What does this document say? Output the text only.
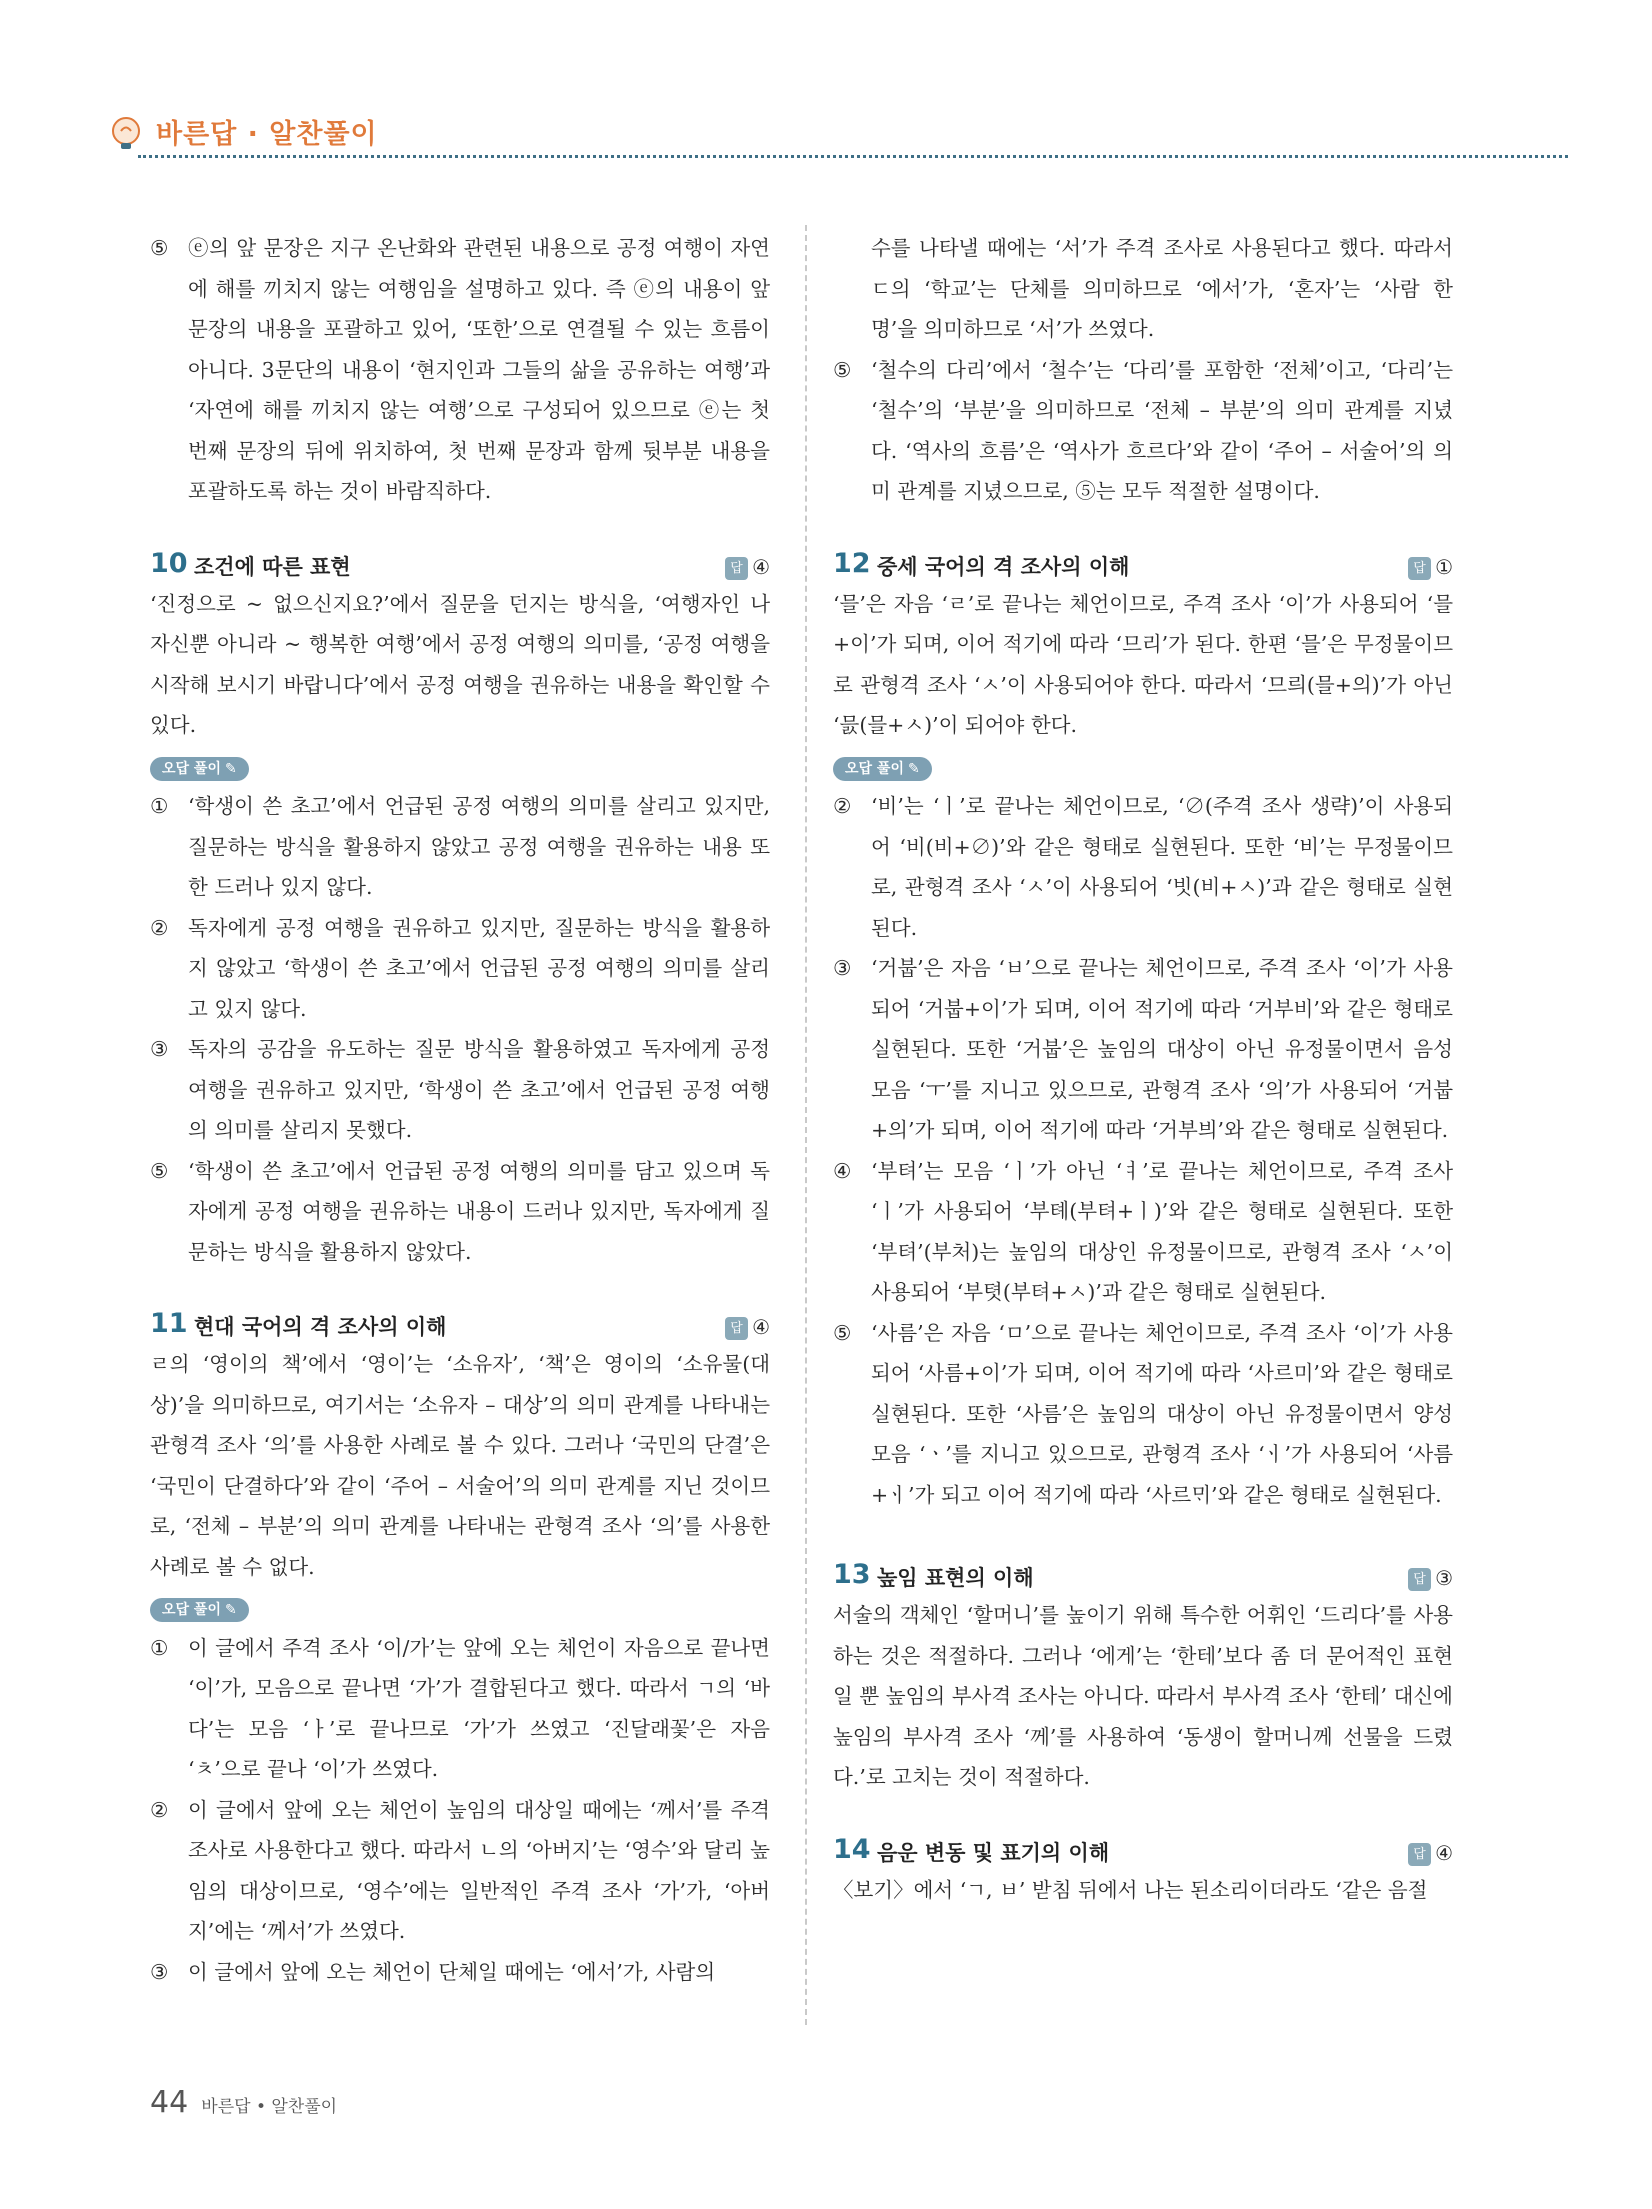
바른답 · 알찬풀이
⑤ ⓔ의 앞 문장은 지구 온난화와 관련된 내용으로 공정 여행이 자연에 해를 끼치지 않는 여행임을 설명하고 있다. 즉 ⓔ의 내용이 앞 문장의 내용을 포괄하고 있어, ‘또한’으로 연결될 수 있는 흐름이 아니다. 3문단의 내용이 ‘현지인과 그들의 삶을 공유하는 여행’과 ‘자연에 해를 끼치지 않는 여행’으로 구성되어 있으므로 ⓔ는 첫 번째 문장의 뒤에 위치하여, 첫 번째 문장과 함께 뒷부분 내용을 포괄하도록 하는 것이 바람직하다.
10 조건에 따른 표현	답 ④
‘진정으로 ~ 없으신지요?’에서 질문을 던지는 방식을, ‘여행자인 나 자신뿐 아니라 ~ 행복한 여행’에서 공정 여행의 의미를, ‘공정 여행을 시작해 보시기 바랍니다’에서 공정 여행을 권유하는 내용을 확인할 수 있다.
오답 풀이 ✎
① ‘학생이 쓴 초고’에서 언급된 공정 여행의 의미를 살리고 있지만, 질문하는 방식을 활용하지 않았고 공정 여행을 권유하는 내용 또한 드러나 있지 않다.
② 독자에게 공정 여행을 권유하고 있지만, 질문하는 방식을 활용하지 않았고 ‘학생이 쓴 초고’에서 언급된 공정 여행의 의미를 살리고 있지 않다.
③ 독자의 공감을 유도하는 질문 방식을 활용하였고 독자에게 공정 여행을 권유하고 있지만, ‘학생이 쓴 초고’에서 언급된 공정 여행의 의미를 살리지 못했다.
⑤ ‘학생이 쓴 초고’에서 언급된 공정 여행의 의미를 담고 있으며 독자에게 공정 여행을 권유하는 내용이 드러나 있지만, 독자에게 질문하는 방식을 활용하지 않았다.
11 현대 국어의 격 조사의 이해	답 ④
ㄹ의 ‘영이의 책’에서 ‘영이’는 ‘소유자’, ‘책’은 영이의 ‘소유물(대상)’을 의미하므로, 여기서는 ‘소유자 – 대상’의 의미 관계를 나타내는 관형격 조사 ‘의’를 사용한 사례로 볼 수 있다. 그러나 ‘국민의 단결’은 ‘국민이 단결하다’와 같이 ‘주어 – 서술어’의 의미 관계를 지닌 것이므로, ‘전체 – 부분’의 의미 관계를 나타내는 관형격 조사 ‘의’를 사용한 사례로 볼 수 없다.
오답 풀이 ✎
① 이 글에서 주격 조사 ‘이/가’는 앞에 오는 체언이 자음으로 끝나면 ‘이’가, 모음으로 끝나면 ‘가’가 결합된다고 했다. 따라서 ㄱ의 ‘바다’는 모음 ‘ㅏ’로 끝나므로 ‘가’가 쓰였고 ‘진달래꽃’은 자음 ‘ㅊ’으로 끝나 ‘이’가 쓰였다.
② 이 글에서 앞에 오는 체언이 높임의 대상일 때에는 ‘께서’를 주격 조사로 사용한다고 했다. 따라서 ㄴ의 ‘아버지’는 ‘영수’와 달리 높임의 대상이므로, ‘영수’에는 일반적인 주격 조사 ‘가’가, ‘아버지’에는 ‘께서’가 쓰였다.
③ 이 글에서 앞에 오는 체언이 단체일 때에는 ‘에서’가, 사람의
수를 나타낼 때에는 ‘서’가 주격 조사로 사용된다고 했다. 따라서 ㄷ의 ‘학교’는 단체를 의미하므로 ‘에서’가, ‘혼자’는 ‘사람 한 명’을 의미하므로 ‘서’가 쓰였다.
⑤ ‘철수의 다리’에서 ‘철수’는 ‘다리’를 포함한 ‘전체’이고, ‘다리’는 ‘철수’의 ‘부분’을 의미하므로 ‘전체 – 부분’의 의미 관계를 지녔다. ‘역사의 흐름’은 ‘역사가 흐르다’와 같이 ‘주어 – 서술어’의 의미 관계를 지녔으므로, ⑤는 모두 적절한 설명이다.
12 중세 국어의 격 조사의 이해	답 ①
‘믈’은 자음 ‘ㄹ’로 끝나는 체언이므로, 주격 조사 ‘이’가 사용되어 ‘믈+이’가 되며, 이어 적기에 따라 ‘므리’가 된다. 한편 ‘믈’은 무정물이므로 관형격 조사 ‘ㅅ’이 사용되어야 한다. 따라서 ‘므릐(믈+의)’가 아닌 ‘믌(믈+ㅅ)’이 되어야 한다.
오답 풀이 ✎
② ‘비’는 ‘ㅣ’로 끝나는 체언이므로, ‘∅(주격 조사 생략)’이 사용되어 ‘비(비+∅)’와 같은 형태로 실현된다. 또한 ‘비’는 무정물이므로, 관형격 조사 ‘ㅅ’이 사용되어 ‘빗(비+ㅅ)’과 같은 형태로 실현된다.
③ ‘거붑’은 자음 ‘ㅂ’으로 끝나는 체언이므로, 주격 조사 ‘이’가 사용되어 ‘거붑+이’가 되며, 이어 적기에 따라 ‘거부비’와 같은 형태로 실현된다. 또한 ‘거붑’은 높임의 대상이 아닌 유정물이면서 음성 모음 ‘ㅜ’를 지니고 있으므로, 관형격 조사 ‘의’가 사용되어 ‘거붑+의’가 되며, 이어 적기에 따라 ‘거부븨’와 같은 형태로 실현된다.
④ ‘부텨’는 모음 ‘ㅣ’가 아닌 ‘ㅕ’로 끝나는 체언이므로, 주격 조사 ‘ㅣ’가 사용되어 ‘부톄(부텨+ㅣ)’와 같은 형태로 실현된다. 또한 ‘부텨’(부처)는 높임의 대상인 유정물이므로, 관형격 조사 ‘ㅅ’이 사용되어 ‘부텻(부텨+ㅅ)’과 같은 형태로 실현된다.
⑤ ‘사름’은 자음 ‘ㅁ’으로 끝나는 체언이므로, 주격 조사 ‘이’가 사용되어 ‘사름+이’가 되며, 이어 적기에 따라 ‘사르미’와 같은 형태로 실현된다. 또한 ‘사름’은 높임의 대상이 아닌 유정물이면서 양성 모음 ‘ㆍ’를 지니고 있으므로, 관형격 조사 ‘ㆎ’가 사용되어 ‘사름+ㆎ’가 되고 이어 적기에 따라 ‘사르ᄆᆡ’와 같은 형태로 실현된다.
13 높임 표현의 이해	답 ③
서술의 객체인 ‘할머니’를 높이기 위해 특수한 어휘인 ‘드리다’를 사용하는 것은 적절하다. 그러나 ‘에게’는 ‘한테’보다 좀 더 문어적인 표현일 뿐 높임의 부사격 조사는 아니다. 따라서 부사격 조사 ‘한테’ 대신에 높임의 부사격 조사 ‘께’를 사용하여 ‘동생이 할머니께 선물을 드렸다.’로 고치는 것이 적절하다.
14 음운 변동 및 표기의 이해	답 ④
〈보기〉에서 ‘ㄱ, ㅂ’ 받침 뒤에서 나는 된소리이더라도 ‘같은 음절
44 바른답 • 알찬풀이
